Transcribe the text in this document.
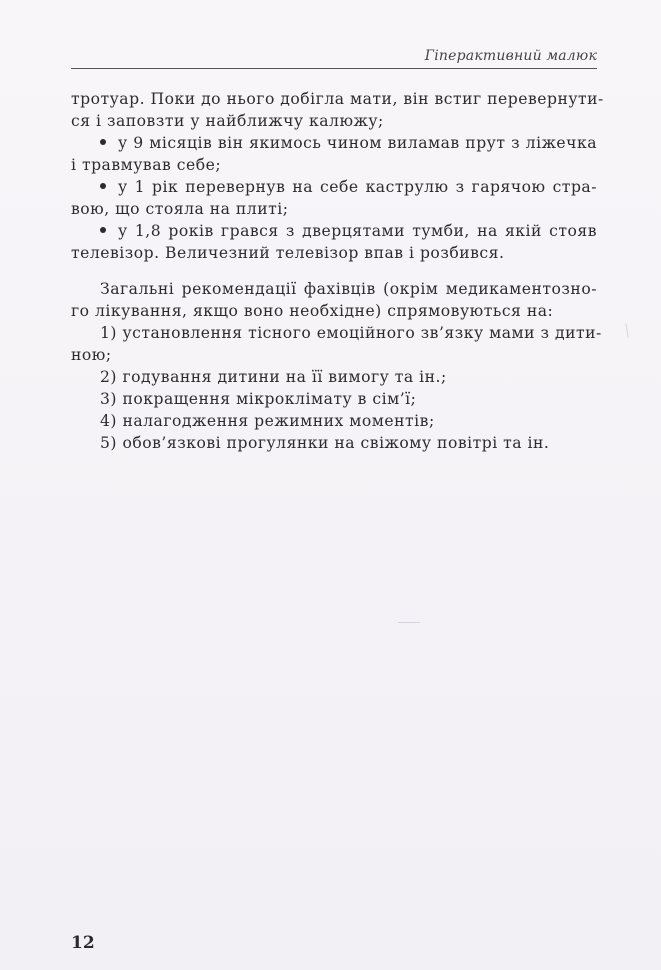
Гіперактивний малюк
тротуар. Поки до нього добігла мати, він встиг перевернути-
ся і заповзти у найближчу калюжу;
у 9 місяців він якимось чином виламав прут з ліжечка
і травмував себе;
у 1 рік перевернув на себе каструлю з гарячою стра-
вою, що стояла на плиті;
у 1,8 років грався з дверцятами тумби, на якій стояв
телевізор. Величезний телевізор впав і розбився.
Загальні рекомендації фахівців (окрім медикаментозно-
го лікування, якщо воно необхідне) спрямовуються на:
1) установлення тісного емоційного зв’язку мами з дити-
ною;
2) годування дитини на її вимогу та ін.;
3) покращення мікроклімату в сім’ї;
4) налагодження режимних моментів;
5) обов’язкові прогулянки на свіжому повітрі та ін.
12
